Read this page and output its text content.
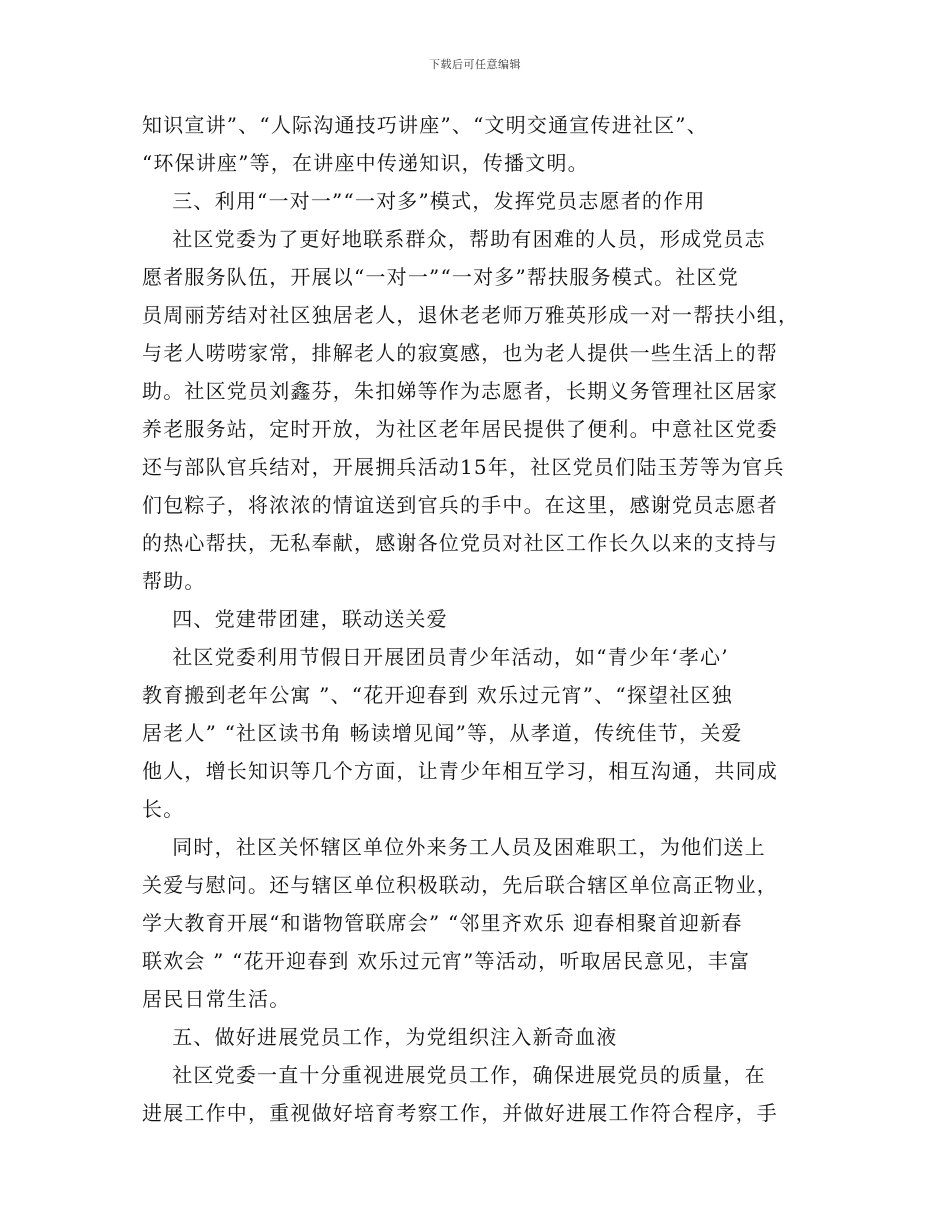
下载后可任意编辑
知识宣讲”、“人际沟通技巧讲座”、“文明交通宣传进社区”、
“环保讲座”等，在讲座中传递知识，传播文明。
三、利用“一对一”“一对多”模式，发挥党员志愿者的作用
社区党委为了更好地联系群众，帮助有困难的人员，形成党员志
愿者服务队伍，开展以“一对一”“一对多”帮扶服务模式。社区党
员周丽芳结对社区独居老人，退休老老师万雅英形成一对一帮扶小组，
与老人唠唠家常，排解老人的寂寞感，也为老人提供一些生活上的帮
助。社区党员刘鑫芬，朱扣娣等作为志愿者，长期义务管理社区居家
养老服务站，定时开放，为社区老年居民提供了便利。中意社区党委
还与部队官兵结对，开展拥兵活动15年，社区党员们陆玉芳等为官兵
们包粽子，将浓浓的情谊送到官兵的手中。在这里，感谢党员志愿者
的热心帮扶，无私奉献，感谢各位党员对社区工作长久以来的支持与
帮助。
四、党建带团建，联动送关爱
社区党委利用节假日开展团员青少年活动，如“青少年‘孝心’
教育搬到老年公寓 ”、“花开迎春到 欢乐过元宵”、“探望社区独
居老人” “社区读书角 畅读增见闻”等，从孝道，传统佳节，关爱
他人，增长知识等几个方面，让青少年相互学习，相互沟通，共同成
长。
同时，社区关怀辖区单位外来务工人员及困难职工，为他们送上
关爱与慰问。还与辖区单位积极联动，先后联合辖区单位高正物业，
学大教育开展“和谐物管联席会” “邻里齐欢乐 迎春相聚首迎新春
联欢会 ” “花开迎春到 欢乐过元宵”等活动，听取居民意见，丰富
居民日常生活。
五、做好进展党员工作，为党组织注入新奇血液
社区党委一直十分重视进展党员工作，确保进展党员的质量，在
进展工作中，重视做好培育考察工作，并做好进展工作符合程序，手
